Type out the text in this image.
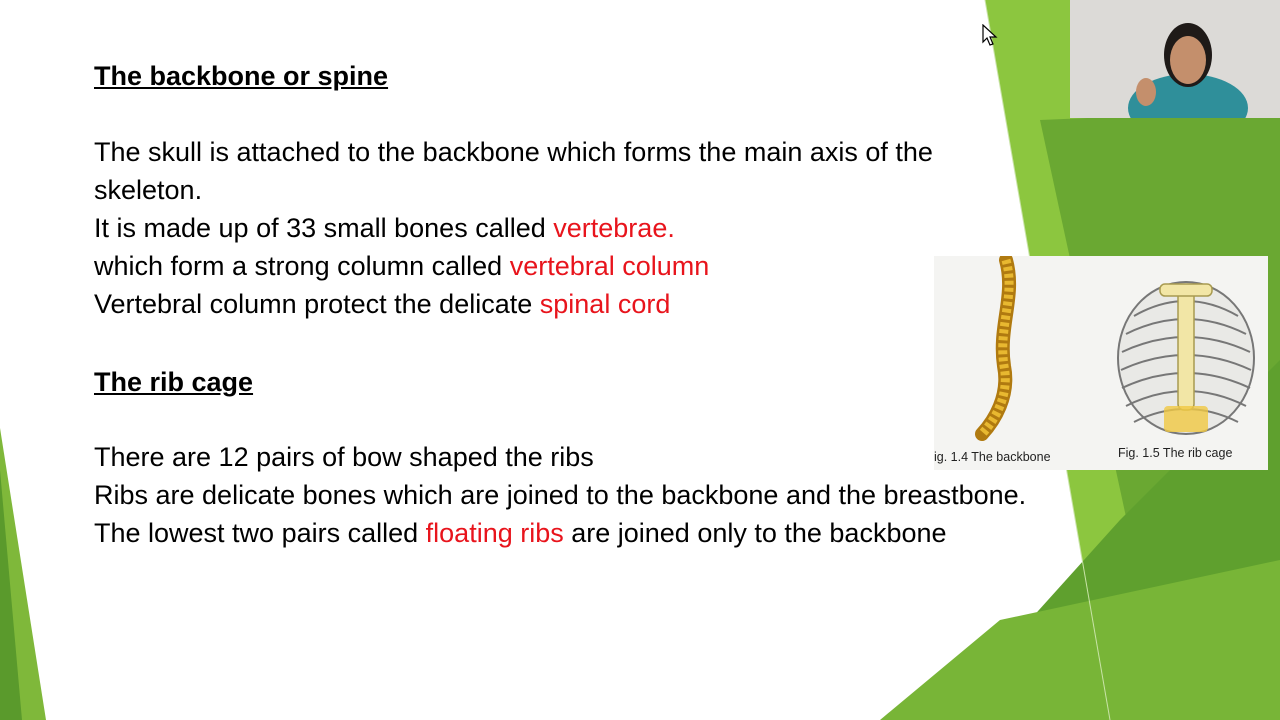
The backbone or spine

The skull is attached to the backbone which forms the main axis of the

skeleton.

It is made up of 33 small bones called vertebrae.

which form a strong column called vertebral column

Vertebral column protect the delicate spinal cord

The rib cage

There are 12 pairs of bow shaped the ribs

Ribs are delicate bones which are joined to the backbone and the breastbone.

The lowest two pairs called floating ribs are joined only to the backbone

ig. 1.4 The backbone	Fig. 1.5 The rib cage
